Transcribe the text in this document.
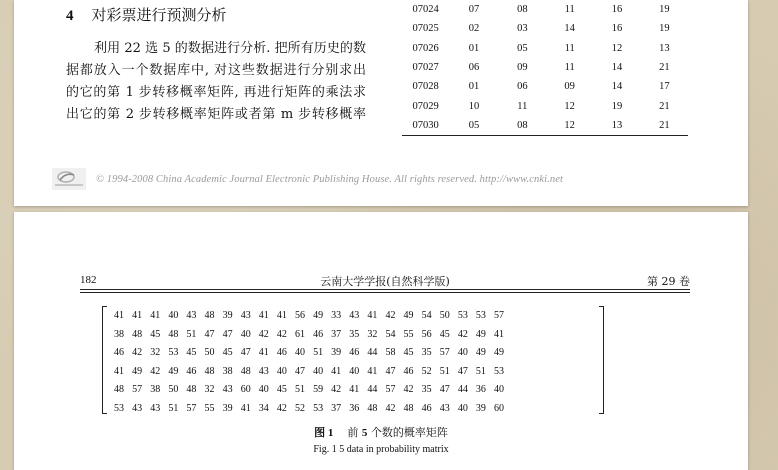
4 对彩票进行预测分析
利用 22 选 5 的数据进行分析. 把所有历史的数
据都放入一个数据库中, 对这些数据进行分别求出
的它的第 1 步转移概率矩阵, 再进行矩阵的乘法求
出它的第 2 步转移概率矩阵或者第 m 步转移概率
07024	07	08	11	16	19
07025	02	03	14	16	19
07026	01	05	11	12	13
07027	06	09	11	14	21
07028	01	06	09	14	17
07029	10	11	12	19	21
07030	05	08	12	13	21
© 1994-2008 China Academic Journal Electronic Publishing House. All rights reserved. http://www.cnki.net
182	云南大学学报(自然科学版)	第 29 卷
41 41 41 40 43 48 39 43 41 41 56 49 33 43 41 42 49 54 50 53 53 57
38 48 45 48 51 47 47 40 42 42 61 46 37 35 32 54 55 56 45 42 49 41
46 42 32 53 45 50 45 47 41 46 40 51 39 46 44 58 45 35 57 40 49 49
41 49 42 49 46 48 38 48 43 40 47 40 41 40 41 47 46 52 51 47 51 53
48 57 38 50 48 32 43 60 40 45 51 59 42 41 44 57 42 35 47 44 36 40
53 43 43 51 57 55 39 41 34 42 52 53 37 36 48 42 48 46 43 40 39 60
图 1 前 5 个数的概率矩阵
Fig. 1 5 data in probability matrix
